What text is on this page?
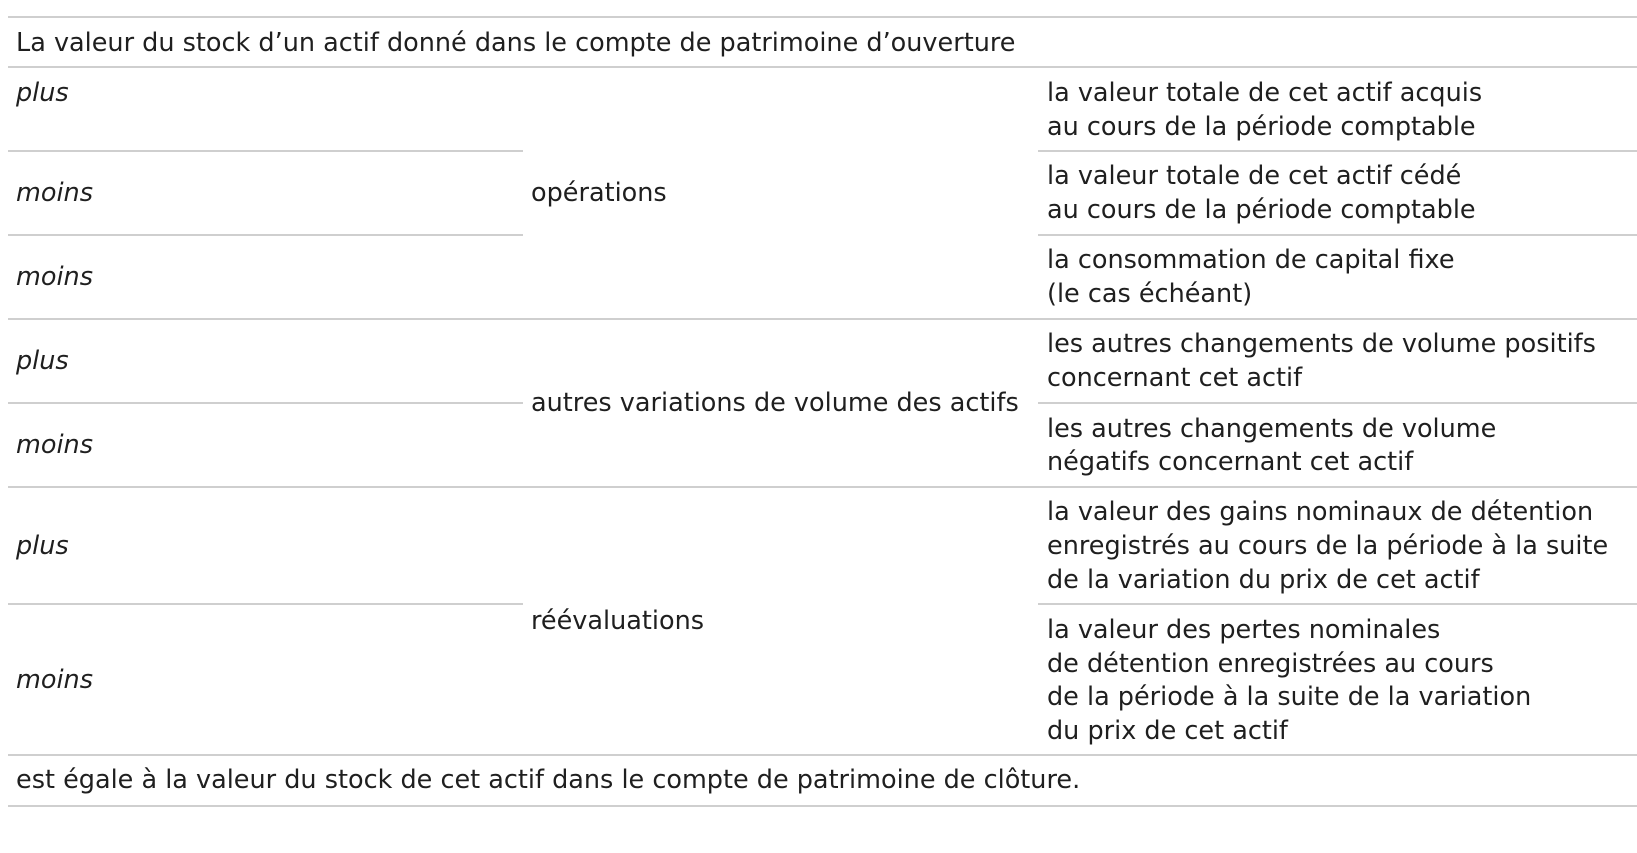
La valeur du stock d’un actif donné dans le compte de patrimoine d’ouverture
est égale à la valeur du stock de cet actif dans le compte de patrimoine de clôture.
plus
moins
moins
plus
moins
plus
moins
opérations
autres variations de volume des actifs
réévaluations
la valeur totale de cet actif acquis
au cours de la période comptable
la valeur totale de cet actif cédé
au cours de la période comptable
la consommation de capital fixe
(le cas échéant)
les autres changements de volume positifs
concernant cet actif
les autres changements de volume
négatifs concernant cet actif
la valeur des gains nominaux de détention
enregistrés au cours de la période à la suite
de la variation du prix de cet actif
la valeur des pertes nominales
de détention enregistrées au cours
de la période à la suite de la variation
du prix de cet actif
